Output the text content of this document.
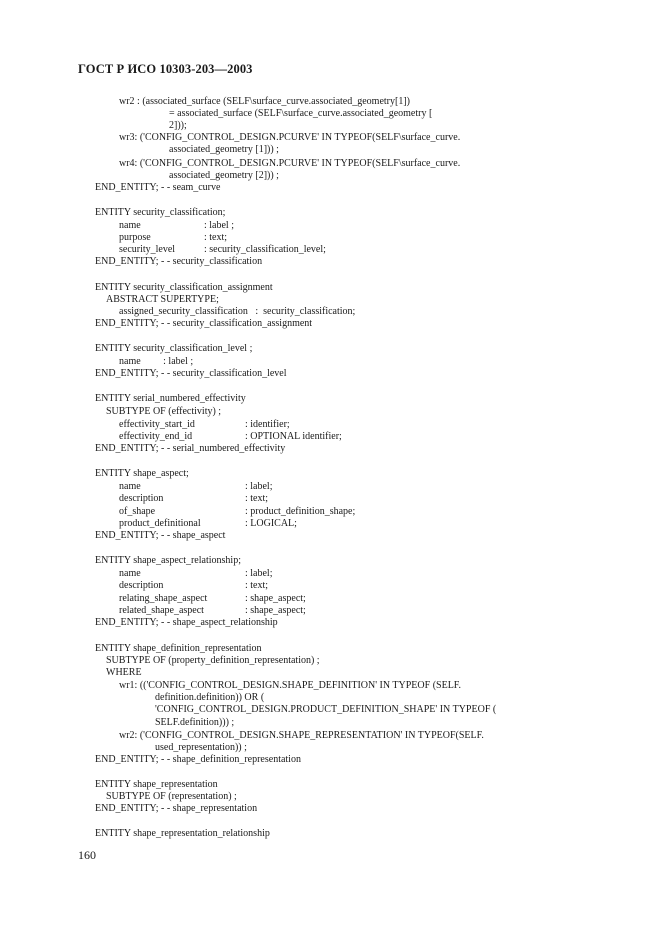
ГОСТ Р ИСО 10303-203—2003
wr2 : (associated_surface (SELF\surface_curve.associated_geometry[1])
= associated_surface (SELF\surface_curve.associated_geometry [
2]));
wr3: ('CONFIG_CONTROL_DESIGN.PCURVE' IN TYPEOF(SELF\surface_curve.
associated_geometry [1])) ;
wr4: ('CONFIG_CONTROL_DESIGN.PCURVE' IN TYPEOF(SELF\surface_curve.
associated_geometry [2])) ;
END_ENTITY; - - seam_curve
ENTITY security_classification;
name	: label ;
purpose	: text;
security_level	: security_classification_level;
END_ENTITY; - - security_classification
ENTITY security_classification_assignment
ABSTRACT SUPERTYPE;
assigned_security_classification   :  security_classification;
END_ENTITY; - - security_classification_assignment
ENTITY security_classification_level ;
name         : label ;
END_ENTITY; - - security_classification_level
ENTITY serial_numbered_effectivity
SUBTYPE OF (effectivity) ;
effectivity_start_id	: identifier;
effectivity_end_id	: OPTIONAL identifier;
END_ENTITY; - - serial_numbered_effectivity
ENTITY shape_aspect;
name	: label;
description	: text;
of_shape	: product_definition_shape;
product_definitional	: LOGICAL;
END_ENTITY; - - shape_aspect
ENTITY shape_aspect_relationship;
name	: label;
description	: text;
relating_shape_aspect	: shape_aspect;
related_shape_aspect	: shape_aspect;
END_ENTITY; - - shape_aspect_relationship
ENTITY shape_definition_representation
SUBTYPE OF (property_definition_representation) ;
WHERE
wr1: (('CONFIG_CONTROL_DESIGN.SHAPE_DEFINITION' IN TYPEOF (SELF.
definition.definition)) OR (
'CONFIG_CONTROL_DESIGN.PRODUCT_DEFINITION_SHAPE' IN TYPEOF (
SELF.definition))) ;
wr2: ('CONFIG_CONTROL_DESIGN.SHAPE_REPRESENTATION' IN TYPEOF(SELF.
used_representation)) ;
END_ENTITY; - - shape_definition_representation
ENTITY shape_representation
SUBTYPE OF (representation) ;
END_ENTITY; - - shape_representation
ENTITY shape_representation_relationship
160
